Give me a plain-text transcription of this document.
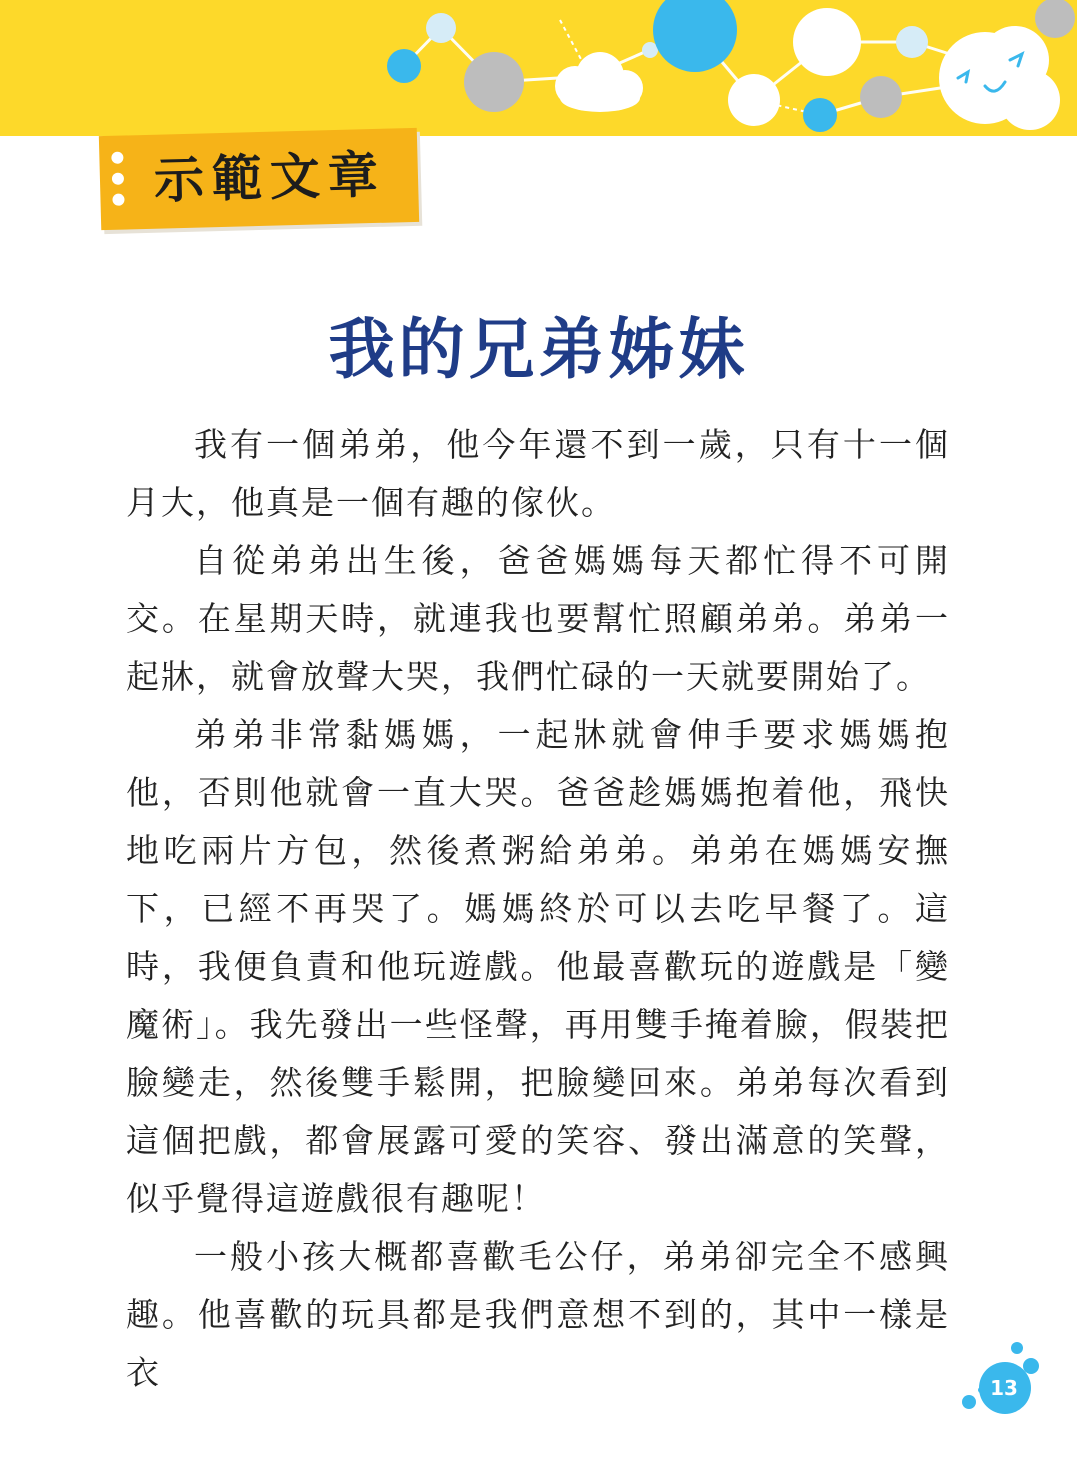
示範文章
我的兄弟姊妹

我有一個弟弟，他今年還不到一歲，只有十一個月大，他真是一個有趣的傢伙。

自從弟弟出生後，爸爸媽媽每天都忙得不可開交。在星期天時，就連我也要幫忙照顧弟弟。弟弟一起牀，就會放聲大哭，我們忙碌的一天就要開始了。

弟弟非常黏媽媽，一起牀就會伸手要求媽媽抱他，否則他就會一直大哭。爸爸趁媽媽抱着他，飛快地吃兩片方包，然後煮粥給弟弟。弟弟在媽媽安撫下，已經不再哭了。媽媽終於可以去吃早餐了。這時，我便負責和他玩遊戲。他最喜歡玩的遊戲是「變魔術」。我先發出一些怪聲，再用雙手掩着臉，假裝把臉變走，然後雙手鬆開，把臉變回來。弟弟每次看到這個把戲，都會展露可愛的笑容、發出滿意的笑聲，似乎覺得這遊戲很有趣呢！

一般小孩大概都喜歡毛公仔，弟弟卻完全不感興趣。他喜歡的玩具都是我們意想不到的，其中一樣是衣	13
